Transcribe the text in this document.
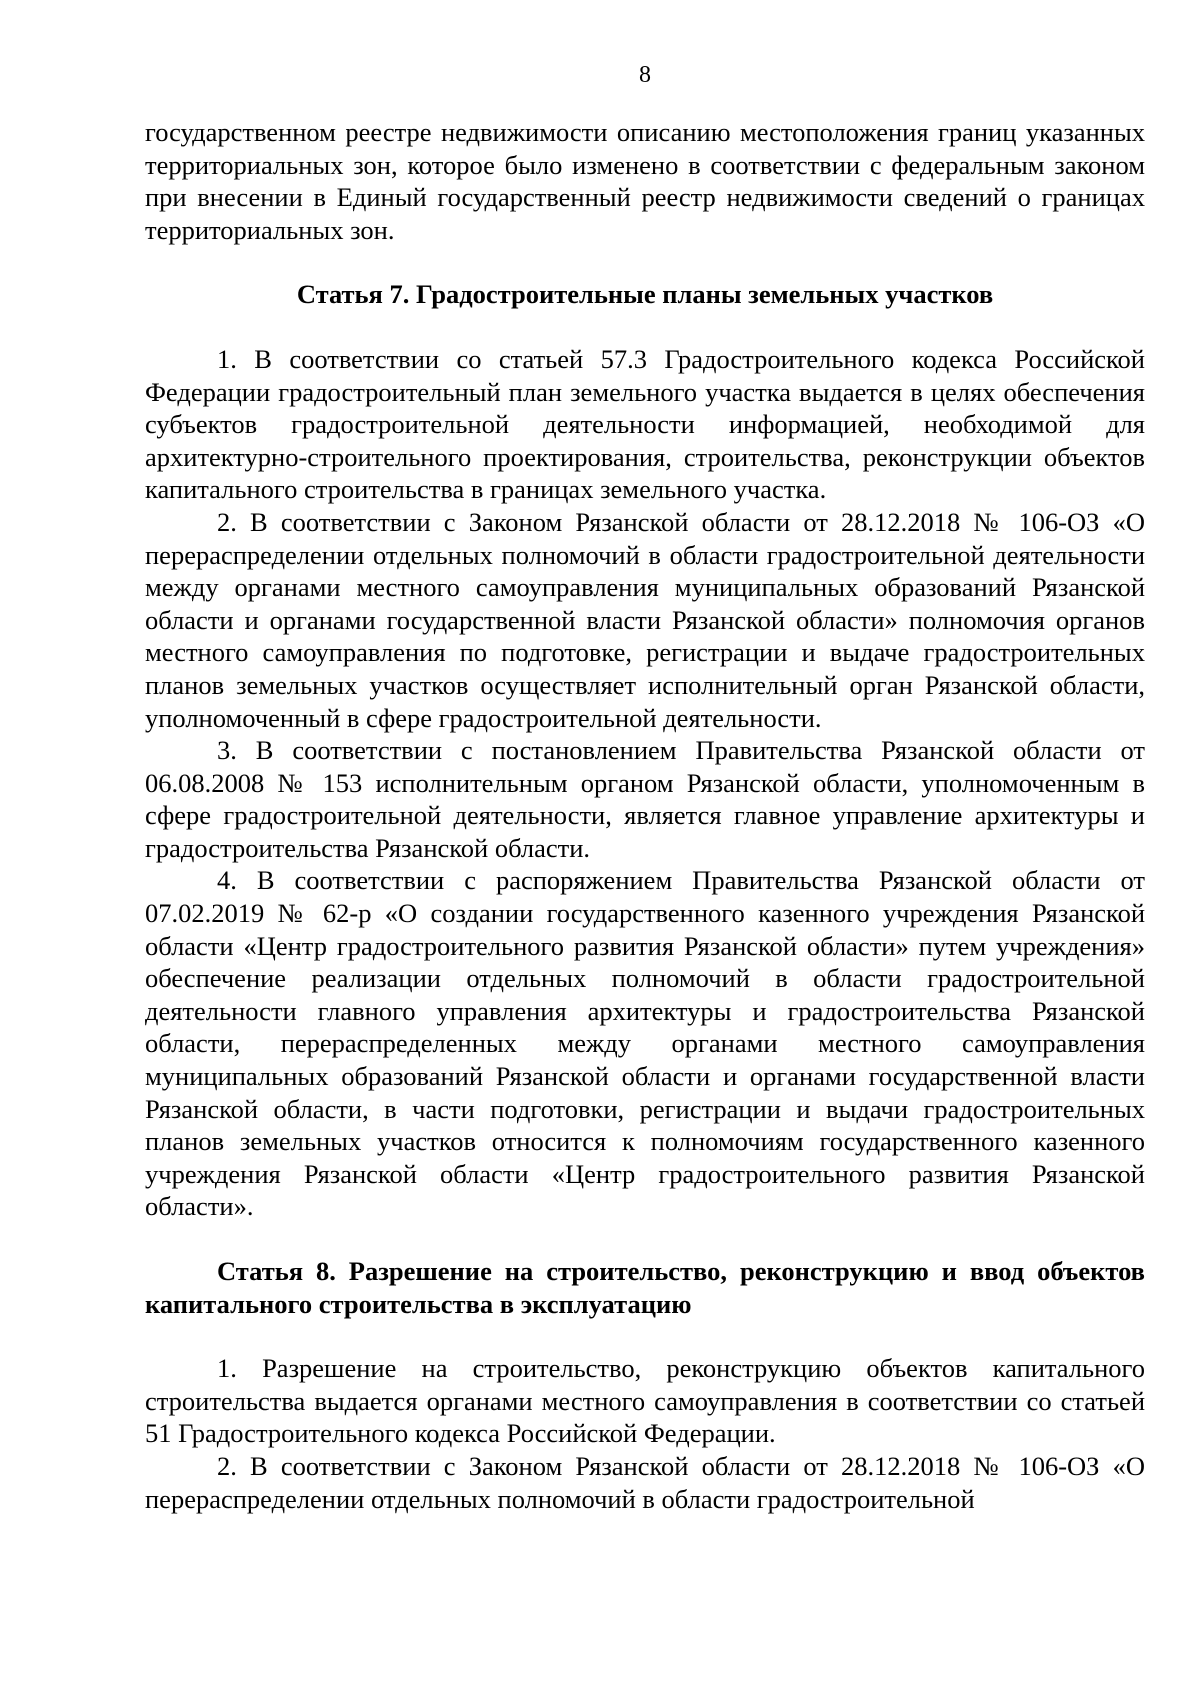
8

государственном реестре недвижимости описанию местоположения границ указанных территориальных зон, которое было изменено в соответствии с федеральным законом при внесении в Единый государственный реестр недвижимости сведений о границах территориальных зон.

Статья 7. Градостроительные планы земельных участков

1. В соответствии со статьей 57.3 Градостроительного кодекса Российской Федерации градостроительный план земельного участка выдается в целях обеспечения субъектов градостроительной деятельности информацией, необходимой для архитектурно-строительного проектирования, строительства, реконструкции объектов капитального строительства в границах земельного участка.

2. В соответствии с Законом Рязанской области от 28.12.2018 № 106-ОЗ «О перераспределении отдельных полномочий в области градостроительной деятельности между органами местного самоуправления муниципальных образований Рязанской области и органами государственной власти Рязанской области» полномочия органов местного самоуправления по подготовке, регистрации и выдаче градостроительных планов земельных участков осуществляет исполнительный орган Рязанской области, уполномоченный в сфере градостроительной деятельности.

3. В соответствии с постановлением Правительства Рязанской области от 06.08.2008 № 153 исполнительным органом Рязанской области, уполномоченным в сфере градостроительной деятельности, является главное управление архитектуры и градостроительства Рязанской области.

4. В соответствии с распоряжением Правительства Рязанской области от 07.02.2019 № 62-р «О создании государственного казенного учреждения Рязанской области «Центр градостроительного развития Рязанской области» путем учреждения» обеспечение реализации отдельных полномочий в области градостроительной деятельности главного управления архитектуры и градостроительства Рязанской области, перераспределенных между органами местного самоуправления муниципальных образований Рязанской области и органами государственной власти Рязанской области, в части подготовки, регистрации и выдачи градостроительных планов земельных участков относится к полномочиям государственного казенного учреждения Рязанской области «Центр градостроительного развития Рязанской области».

Статья 8. Разрешение на строительство, реконструкцию и ввод объектов капитального строительства в эксплуатацию

1. Разрешение на строительство, реконструкцию объектов капитального строительства выдается органами местного самоуправления в соответствии со статьей 51 Градостроительного кодекса Российской Федерации.

2. В соответствии с Законом Рязанской области от 28.12.2018 № 106-ОЗ «О перераспределении отдельных полномочий в области градостроительной
